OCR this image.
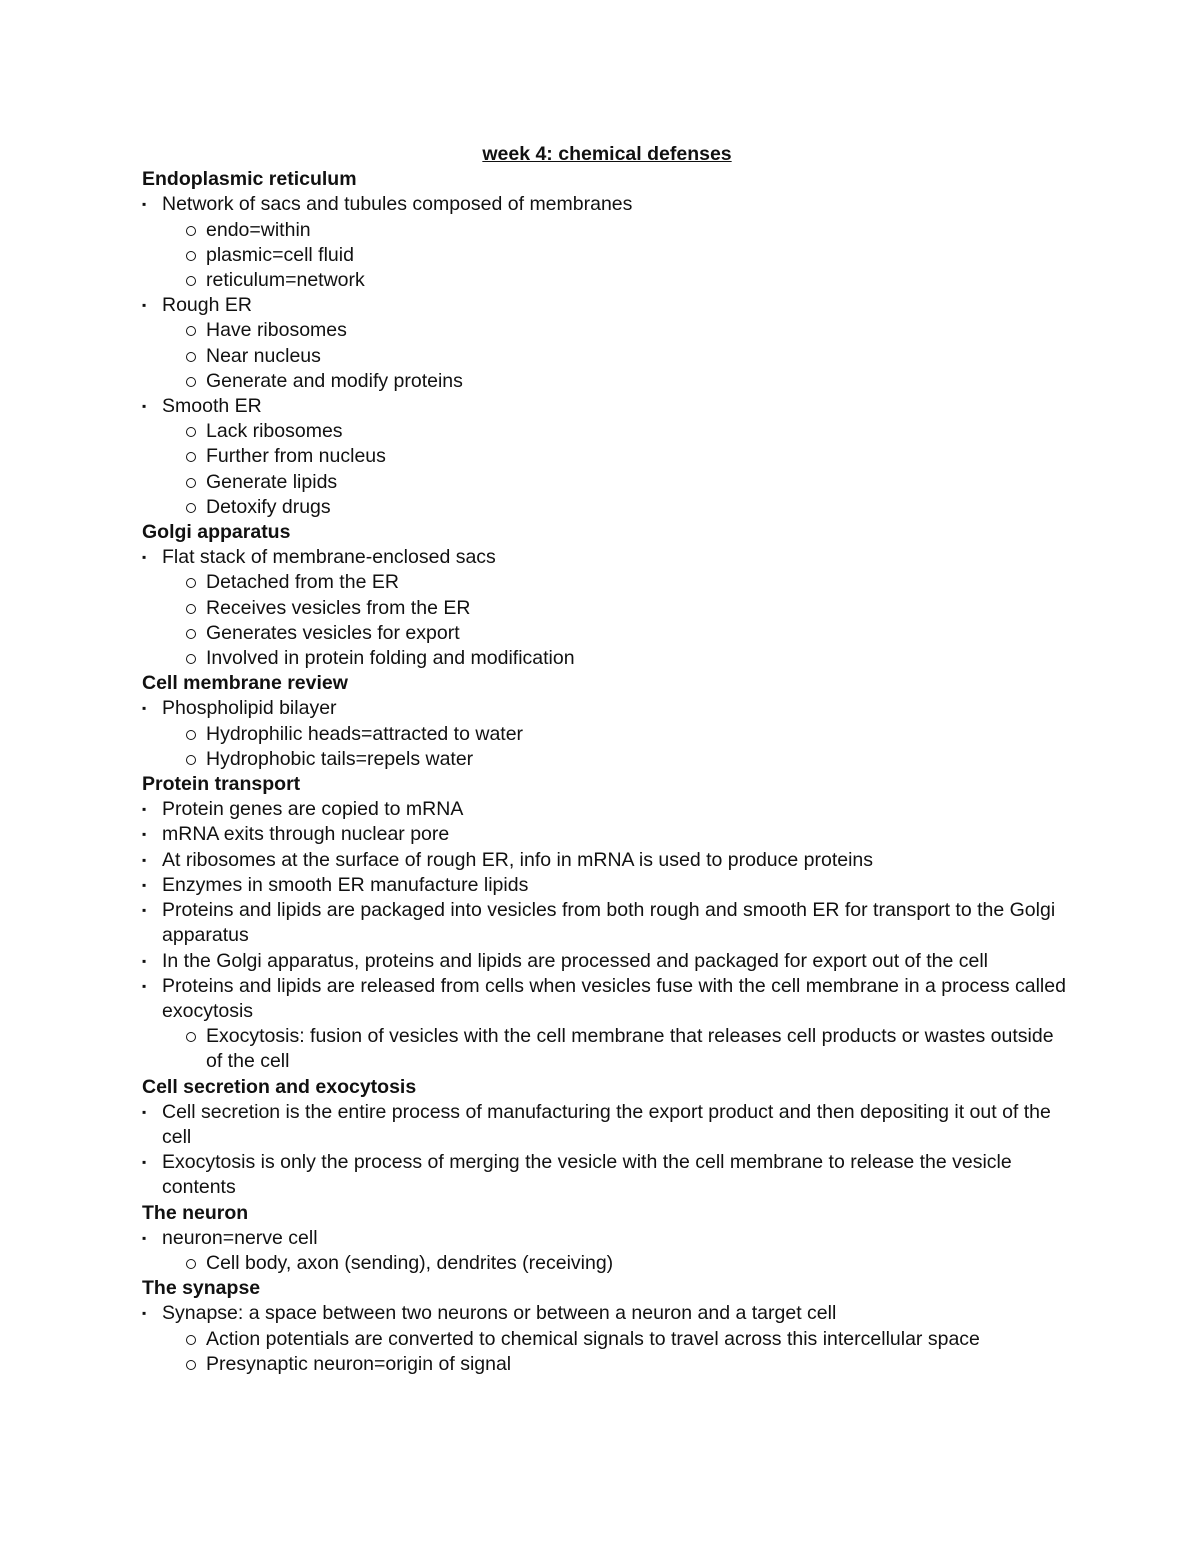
week 4: chemical defenses

Endoplasmic reticulum

▪ Network of sacs and tubules composed of membranes
endo=within
plasmic=cell fluid
reticulum=network
▪ Rough ER
Have ribosomes
Near nucleus
Generate and modify proteins
▪ Smooth ER
Lack ribosomes
Further from nucleus
Generate lipids
Detoxify drugs

Golgi apparatus

▪ Flat stack of membrane-enclosed sacs
Detached from the ER
Receives vesicles from the ER
Generates vesicles for export
Involved in protein folding and modification

Cell membrane review

▪ Phospholipid bilayer
Hydrophilic heads=attracted to water
Hydrophobic tails=repels water

Protein transport

▪ Protein genes are copied to mRNA
▪ mRNA exits through nuclear pore
▪ At ribosomes at the surface of rough ER, info in mRNA is used to produce proteins
▪ Enzymes in smooth ER manufacture lipids
▪ Proteins and lipids are packaged into vesicles from both rough and smooth ER for transport to the Golgi apparatus
▪ In the Golgi apparatus, proteins and lipids are processed and packaged for export out of the cell
▪ Proteins and lipids are released from cells when vesicles fuse with the cell membrane in a process called exocytosis
Exocytosis: fusion of vesicles with the cell membrane that releases cell products or wastes outside of the cell

Cell secretion and exocytosis

▪ Cell secretion is the entire process of manufacturing the export product and then depositing it out of the cell
▪ Exocytosis is only the process of merging the vesicle with the cell membrane to release the vesicle contents

The neuron

▪ neuron=nerve cell
Cell body, axon (sending), dendrites (receiving)

The synapse

▪ Synapse: a space between two neurons or between a neuron and a target cell
Action potentials are converted to chemical signals to travel across this intercellular space
Presynaptic neuron=origin of signal
